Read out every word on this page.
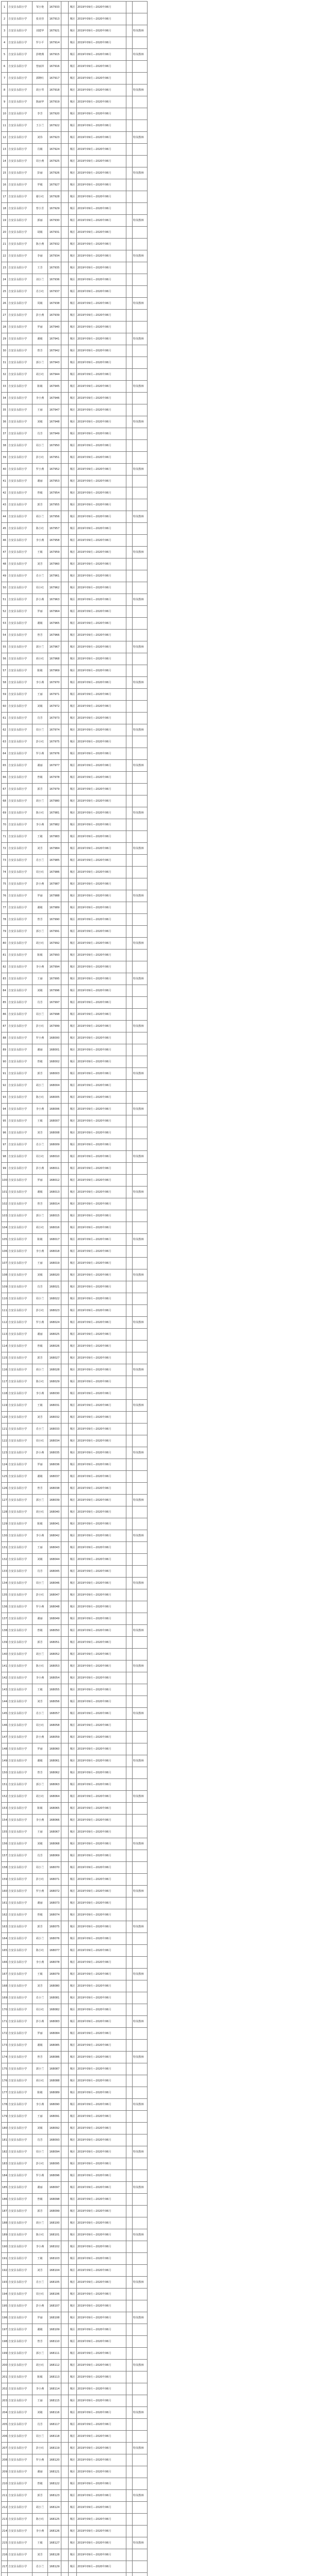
1	吉安县永阳小学	邹小艳	167933		城区	2019年09月—2020年06月		
2	吉安县永阳小学	张美佳	167913		城区	2019年09月—2020年06月		
3	吉安县永阳小学	刘建华	167921		城区	2019年09月—2020年06月		特岗教师
4	吉安县永阳小学	罗小平	167914		城区	2019年09月—2020年06月		
5	吉安县永阳小学	彭晓燕	167915		城区	2019年09月—2020年06月		特岗教师
6	吉安县永阳小学	曾丽萍	167916		城区	2019年09月—2020年06月		
7	吉安县永阳小学	郭晓红	167917		城区	2019年09月—2020年06月		
8	吉安县永阳小学	胡小琴	167918		城区	2019年09月—2020年06月		特岗教师
9	吉安县永阳小学	陈丽华	167919		城区	2019年09月—2020年06月		
10	吉安县永阳小学	李芳	167920		城区	2019年09月—2020年06月		
11	吉安县永阳小学	王小兰	167922		城区	2019年09月—2020年06月		
12	吉安县永阳小学	刘伟	167923		城区	2019年09月—2020年06月		特岗教师
13	吉安县永阳小学	肖敏	167924		城区	2019年09月—2020年06月		
14	吉安县永阳小学	周小燕	167925		城区	2019年09月—2020年06月		
15	吉安县永阳小学	彭丽	167926		城区	2019年09月—2020年06月		特岗教师
16	吉安县永阳小学	罗敏	167927		城区	2019年09月—2020年06月		
17	吉安县永阳小学	谢小红	167928		城区	2019年09月—2020年06月		
18	吉安县永阳小学	曾小芳	167929		城区	2019年09月—2020年06月		
19	吉安县永阳小学	郭丽	167930		城区	2019年09月—2020年06月		特岗教师
20	吉安县永阳小学	胡敏	167931		城区	2019年09月—2020年06月		
21	吉安县永阳小学	陈小燕	167932		城区	2019年09月—2020年06月		
22	吉安县永阳小学	李丽	167934		城区	2019年09月—2020年06月		特岗教师
23	吉安县永阳小学	王芳	167935		城区	2019年09月—2020年06月		
24	吉安县永阳小学	刘小兰	167936		城区	2019年09月—2020年06月		
25	吉安县永阳小学	肖小红	167937		城区	2019年09月—2020年06月		
26	吉安县永阳小学	周敏	167938		城区	2019年09月—2020年06月		特岗教师
27	吉安县永阳小学	彭小燕	167939		城区	2019年09月—2020年06月		
28	吉安县永阳小学	罗丽	167940		城区	2019年09月—2020年06月		
29	吉安县永阳小学	谢敏	167941		城区	2019年09月—2020年06月		特岗教师
30	吉安县永阳小学	曾芳	167942		城区	2019年09月—2020年06月		
31	吉安县永阳小学	郭小兰	167943		城区	2019年09月—2020年06月		
32	吉安县永阳小学	胡小红	167944		城区	2019年09月—2020年06月		
33	吉安县永阳小学	陈敏	167945		城区	2019年09月—2020年06月		特岗教师
34	吉安县永阳小学	李小燕	167946		城区	2019年09月—2020年06月		
35	吉安县永阳小学	王丽	167947		城区	2019年09月—2020年06月		
36	吉安县永阳小学	刘敏	167948		城区	2019年09月—2020年06月		特岗教师
37	吉安县永阳小学	肖芳	167949		城区	2019年09月—2020年06月		
38	吉安县永阳小学	周小兰	167950		城区	2019年09月—2020年06月		
39	吉安县永阳小学	彭小红	167951		城区	2019年09月—2020年06月		
40	吉安县永阳小学	罗小燕	167952		城区	2019年09月—2020年06月		特岗教师
41	吉安县永阳小学	谢丽	167953		城区	2019年09月—2020年06月		
42	吉安县永阳小学	曾敏	167954		城区	2019年09月—2020年06月		
43	吉安县永阳小学	郭芳	167955		城区	2019年09月—2020年06月		
44	吉安县永阳小学	胡小兰	167956		城区	2019年09月—2020年06月		特岗教师
45	吉安县永阳小学	陈小红	167957		城区	2019年09月—2020年06月		
46	吉安县永阳小学	李小燕	167958		城区	2019年09月—2020年06月		
47	吉安县永阳小学	王敏	167959		城区	2019年09月—2020年06月		特岗教师
48	吉安县永阳小学	刘芳	167960		城区	2019年09月—2020年06月		
49	吉安县永阳小学	肖小兰	167961		城区	2019年09月—2020年06月		
50	吉安县永阳小学	周小红	167962		城区	2019年09月—2020年06月		
51	吉安县永阳小学	彭小燕	167963		城区	2019年09月—2020年06月		特岗教师
52	吉安县永阳小学	罗丽	167964		城区	2019年09月—2020年06月		
53	吉安县永阳小学	谢敏	167965		城区	2019年09月—2020年06月		
54	吉安县永阳小学	曾芳	167966		城区	2019年09月—2020年06月		
55	吉安县永阳小学	郭小兰	167967		城区	2019年09月—2020年06月		特岗教师
56	吉安县永阳小学	胡小红	167968		城区	2019年09月—2020年06月		
57	吉安县永阳小学	陈敏	167969		城区	2019年09月—2020年06月		
58	吉安县永阳小学	李小燕	167970		城区	2019年09月—2020年06月		特岗教师
59	吉安县永阳小学	王丽	167971		城区	2019年09月—2020年06月		
60	吉安县永阳小学	刘敏	167972		城区	2019年09月—2020年06月		
61	吉安县永阳小学	肖芳	167973		城区	2019年09月—2020年06月		
62	吉安县永阳小学	周小兰	167974		城区	2019年09月—2020年06月		特岗教师
63	吉安县永阳小学	彭小红	167975		城区	2019年09月—2020年06月		
64	吉安县永阳小学	罗小燕	167976		城区	2019年09月—2020年06月		
65	吉安县永阳小学	谢丽	167977		城区	2019年09月—2020年06月		特岗教师
66	吉安县永阳小学	曾敏	167978		城区	2019年09月—2020年06月		
67	吉安县永阳小学	郭芳	167979		城区	2019年09月—2020年06月		
68	吉安县永阳小学	胡小兰	167980		城区	2019年09月—2020年06月		
69	吉安县永阳小学	陈小红	167981		城区	2019年09月—2020年06月		特岗教师
70	吉安县永阳小学	李小燕	167982		城区	2019年09月—2020年06月		
71	吉安县永阳小学	王敏	167983		城区	2019年09月—2020年06月		
72	吉安县永阳小学	刘芳	167984		城区	2019年09月—2020年06月		特岗教师
73	吉安县永阳小学	肖小兰	167985		城区	2019年09月—2020年06月		
74	吉安县永阳小学	周小红	167986		城区	2019年09月—2020年06月		
75	吉安县永阳小学	彭小燕	167987		城区	2019年09月—2020年06月		
76	吉安县永阳小学	罗丽	167988		城区	2019年09月—2020年06月		特岗教师
77	吉安县永阳小学	谢敏	167989		城区	2019年09月—2020年06月		
78	吉安县永阳小学	曾芳	167990		城区	2019年09月—2020年06月		
79	吉安县永阳小学	郭小兰	167991		城区	2019年09月—2020年06月		
80	吉安县永阳小学	胡小红	167992		城区	2019年09月—2020年06月		特岗教师
81	吉安县永阳小学	陈敏	167993		城区	2019年09月—2020年06月		
82	吉安县永阳小学	李小燕	167994		城区	2019年09月—2020年06月		
83	吉安县永阳小学	王丽	167995		城区	2019年09月—2020年06月		特岗教师
84	吉安县永阳小学	刘敏	167996		城区	2019年09月—2020年06月		
85	吉安县永阳小学	肖芳	167997		城区	2019年09月—2020年06月		
86	吉安县永阳小学	周小兰	167998		城区	2019年09月—2020年06月		
87	吉安县永阳小学	彭小红	167999		城区	2019年09月—2020年06月		特岗教师
88	吉安县永阳小学	罗小燕	168000		城区	2019年09月—2020年06月		
89	吉安县永阳小学	谢丽	168001		城区	2019年09月—2020年06月		
90	吉安县永阳小学	曾敏	168002		城区	2019年09月—2020年06月		
91	吉安县永阳小学	郭芳	168003		城区	2019年09月—2020年06月		特岗教师
92	吉安县永阳小学	胡小兰	168004		城区	2019年09月—2020年06月		
93	吉安县永阳小学	陈小红	168005		城区	2019年09月—2020年06月		
94	吉安县永阳小学	李小燕	168006		城区	2019年09月—2020年06月		特岗教师
95	吉安县永阳小学	王敏	168007		城区	2019年09月—2020年06月		
96	吉安县永阳小学	刘芳	168008		城区	2019年09月—2020年06月		
97	吉安县永阳小学	肖小兰	168009		城区	2019年09月—2020年06月		
98	吉安县永阳小学	周小红	168010		城区	2019年09月—2020年06月		特岗教师
99	吉安县永阳小学	彭小燕	168011		城区	2019年09月—2020年06月		
100	吉安县永阳小学	罗丽	168012		城区	2019年09月—2020年06月		
101	吉安县永阳小学	谢敏	168013		城区	2019年09月—2020年06月		特岗教师
102	吉安县永阳小学	曾芳	168014		城区	2019年09月—2020年06月		
103	吉安县永阳小学	郭小兰	168015		城区	2019年09月—2020年06月		
104	吉安县永阳小学	胡小红	168016		城区	2019年09月—2020年06月		
105	吉安县永阳小学	陈敏	168017		城区	2019年09月—2020年06月		特岗教师
106	吉安县永阳小学	李小燕	168018		城区	2019年09月—2020年06月		
107	吉安县永阳小学	王丽	168019		城区	2019年09月—2020年06月		
108	吉安县永阳小学	刘敏	168020		城区	2019年09月—2020年06月		特岗教师
109	吉安县永阳小学	肖芳	168021		城区	2019年09月—2020年06月		
110	吉安县永阳小学	周小兰	168022		城区	2019年09月—2020年06月		
111	吉安县永阳小学	彭小红	168023		城区	2019年09月—2020年06月		
112	吉安县永阳小学	罗小燕	168024		城区	2019年09月—2020年06月		特岗教师
113	吉安县永阳小学	谢丽	168025		城区	2019年09月—2020年06月		
114	吉安县永阳小学	曾敏	168026		城区	2019年09月—2020年06月		
115	吉安县永阳小学	郭芳	168027		城区	2019年09月—2020年06月		
116	吉安县永阳小学	胡小兰	168028		城区	2019年09月—2020年06月		特岗教师
117	吉安县永阳小学	陈小红	168029		城区	2019年09月—2020年06月		
118	吉安县永阳小学	李小燕	168030		城区	2019年09月—2020年06月		
119	吉安县永阳小学	王敏	168031		城区	2019年09月—2020年06月		特岗教师
120	吉安县永阳小学	刘芳	168032		城区	2019年09月—2020年06月		
121	吉安县永阳小学	肖小兰	168033		城区	2019年09月—2020年06月		
122	吉安县永阳小学	周小红	168034		城区	2019年09月—2020年06月		
123	吉安县永阳小学	彭小燕	168035		城区	2019年09月—2020年06月		特岗教师
124	吉安县永阳小学	罗丽	168036		城区	2019年09月—2020年06月		
125	吉安县永阳小学	谢敏	168037		城区	2019年09月—2020年06月		
126	吉安县永阳小学	曾芳	168038		城区	2019年09月—2020年06月		
127	吉安县永阳小学	郭小兰	168039		城区	2019年09月—2020年06月		特岗教师
128	吉安县永阳小学	胡小红	168040		城区	2019年09月—2020年06月		
129	吉安县永阳小学	陈敏	168041		城区	2019年09月—2020年06月		
130	吉安县永阳小学	李小燕	168042		城区	2019年09月—2020年06月		特岗教师
131	吉安县永阳小学	王丽	168043		城区	2019年09月—2020年06月		
132	吉安县永阳小学	刘敏	168044		城区	2019年09月—2020年06月		
133	吉安县永阳小学	肖芳	168045		城区	2019年09月—2020年06月		
134	吉安县永阳小学	周小兰	168046		城区	2019年09月—2020年06月		特岗教师
135	吉安县永阳小学	彭小红	168047		城区	2019年09月—2020年06月		
136	吉安县永阳小学	罗小燕	168048		城区	2019年09月—2020年06月		
137	吉安县永阳小学	谢丽	168049		城区	2019年09月—2020年06月		
138	吉安县永阳小学	曾敏	168050		城区	2019年09月—2020年06月		特岗教师
139	吉安县永阳小学	郭芳	168051		城区	2019年09月—2020年06月		
140	吉安县永阳小学	胡小兰	168052		城区	2019年09月—2020年06月		
141	吉安县永阳小学	陈小红	168053		城区	2019年09月—2020年06月		特岗教师
142	吉安县永阳小学	李小燕	168054		城区	2019年09月—2020年06月		
143	吉安县永阳小学	王敏	168055		城区	2019年09月—2020年06月		
144	吉安县永阳小学	刘芳	168056		城区	2019年09月—2020年06月		
145	吉安县永阳小学	肖小兰	168057		城区	2019年09月—2020年06月		特岗教师
146	吉安县永阳小学	周小红	168058		城区	2019年09月—2020年06月		
147	吉安县永阳小学	彭小燕	168059		城区	2019年09月—2020年06月		
148	吉安县永阳小学	罗丽	168060		城区	2019年09月—2020年06月		
149	吉安县永阳小学	谢敏	168061		城区	2019年09月—2020年06月		特岗教师
150	吉安县永阳小学	曾芳	168062		城区	2019年09月—2020年06月		
151	吉安县永阳小学	郭小兰	168063		城区	2019年09月—2020年06月		
152	吉安县永阳小学	胡小红	168064		城区	2019年09月—2020年06月		特岗教师
153	吉安县永阳小学	陈敏	168065		城区	2019年09月—2020年06月		
154	吉安县永阳小学	李小燕	168066		城区	2019年09月—2020年06月		
155	吉安县永阳小学	王丽	168067		城区	2019年09月—2020年06月		
156	吉安县永阳小学	刘敏	168068		城区	2019年09月—2020年06月		特岗教师
157	吉安县永阳小学	肖芳	168069		城区	2019年09月—2020年06月		
158	吉安县永阳小学	周小兰	168070		城区	2019年09月—2020年06月		
159	吉安县永阳小学	彭小红	168071		城区	2019年09月—2020年06月		
160	吉安县永阳小学	罗小燕	168072		城区	2019年09月—2020年06月		特岗教师
161	吉安县永阳小学	谢丽	168073		城区	2019年09月—2020年06月		
162	吉安县永阳小学	曾敏	168074		城区	2019年09月—2020年06月		
163	吉安县永阳小学	郭芳	168075		城区	2019年09月—2020年06月		特岗教师
164	吉安县永阳小学	胡小兰	168076		城区	2019年09月—2020年06月		
165	吉安县永阳小学	陈小红	168077		城区	2019年09月—2020年06月		
166	吉安县永阳小学	李小燕	168078		城区	2019年09月—2020年06月		
167	吉安县永阳小学	王敏	168079		城区	2019年09月—2020年06月		特岗教师
168	吉安县永阳小学	刘芳	168080		城区	2019年09月—2020年06月		
169	吉安县永阳小学	肖小兰	168081		城区	2019年09月—2020年06月		
170	吉安县永阳小学	周小红	168082		城区	2019年09月—2020年06月		
171	吉安县永阳小学	彭小燕	168083		城区	2019年09月—2020年06月		特岗教师
172	吉安县永阳小学	罗丽	168084		城区	2019年09月—2020年06月		
173	吉安县永阳小学	谢敏	168085		城区	2019年09月—2020年06月		
174	吉安县永阳小学	曾芳	168086		城区	2019年09月—2020年06月		特岗教师
175	吉安县永阳小学	郭小兰	168087		城区	2019年09月—2020年06月		
176	吉安县永阳小学	胡小红	168088		城区	2019年09月—2020年06月		
177	吉安县永阳小学	陈敏	168089		城区	2019年09月—2020年06月		
178	吉安县永阳小学	李小燕	168090		城区	2019年09月—2020年06月		特岗教师
179	吉安县永阳小学	王丽	168091		城区	2019年09月—2020年06月		
180	吉安县永阳小学	刘敏	168092		城区	2019年09月—2020年06月		
181	吉安县永阳小学	肖芳	168093		城区	2019年09月—2020年06月		
182	吉安县永阳小学	周小兰	168094		城区	2019年09月—2020年06月		特岗教师
183	吉安县永阳小学	彭小红	168095		城区	2019年09月—2020年06月		
184	吉安县永阳小学	罗小燕	168096		城区	2019年09月—2020年06月		
185	吉安县永阳小学	谢丽	168097		城区	2019年09月—2020年06月		特岗教师
186	吉安县永阳小学	曾敏	168098		城区	2019年09月—2020年06月		
187	吉安县永阳小学	郭芳	168099		城区	2019年09月—2020年06月		
188	吉安县永阳小学	胡小兰	168100		城区	2019年09月—2020年06月		
189	吉安县永阳小学	陈小红	168101		城区	2019年09月—2020年06月		特岗教师
190	吉安县永阳小学	李小燕	168102		城区	2019年09月—2020年06月		
191	吉安县永阳小学	王敏	168103		城区	2019年09月—2020年06月		
192	吉安县永阳小学	刘芳	168104		城区	2019年09月—2020年06月		
193	吉安县永阳小学	肖小兰	168105		城区	2019年09月—2020年06月		特岗教师
194	吉安县永阳小学	周小红	168106		城区	2019年09月—2020年06月		
195	吉安县永阳小学	彭小燕	168107		城区	2019年09月—2020年06月		
196	吉安县永阳小学	罗丽	168108		城区	2019年09月—2020年06月		特岗教师
197	吉安县永阳小学	谢敏	168109		城区	2019年09月—2020年06月		
198	吉安县永阳小学	曾芳	168110		城区	2019年09月—2020年06月		
199	吉安县永阳小学	郭小兰	168111		城区	2019年09月—2020年06月		
200	吉安县永阳小学	胡小红	168112		城区	2019年09月—2020年06月		特岗教师
201	吉安县永阳小学	陈敏	168113		城区	2019年09月—2020年06月		
202	吉安县永阳小学	李小燕	168114		城区	2019年09月—2020年06月		
203	吉安县永阳小学	王丽	168115		城区	2019年09月—2020年06月		
204	吉安县永阳小学	刘敏	168116		城区	2019年09月—2020年06月		特岗教师
205	吉安县永阳小学	肖芳	168117		城区	2019年09月—2020年06月		
206	吉安县永阳小学	周小兰	168118		城区	2019年09月—2020年06月		
207	吉安县永阳小学	彭小红	168119		城区	2019年09月—2020年06月		特岗教师
208	吉安县永阳小学	罗小燕	168120		城区	2019年09月—2020年06月		
209	吉安县永阳小学	谢丽	168121		城区	2019年09月—2020年06月		
210	吉安县永阳小学	曾敏	168122		城区	2019年09月—2020年06月		
211	吉安县永阳小学	郭芳	168123		城区	2019年09月—2020年06月		特岗教师
212	吉安县永阳小学	胡小兰	168124		城区	2019年09月—2020年06月		
213	吉安县永阳小学	陈小红	168125		城区	2019年09月—2020年06月		
214	吉安县永阳小学	李小燕	168126		城区	2019年09月—2020年06月		
215	吉安县永阳小学	王敏	168127		城区	2019年09月—2020年06月		特岗教师
216	吉安县永阳小学	刘芳	168128		城区	2019年09月—2020年06月		
217	吉安县永阳小学	肖小兰	168129		城区	2019年09月—2020年06月		
